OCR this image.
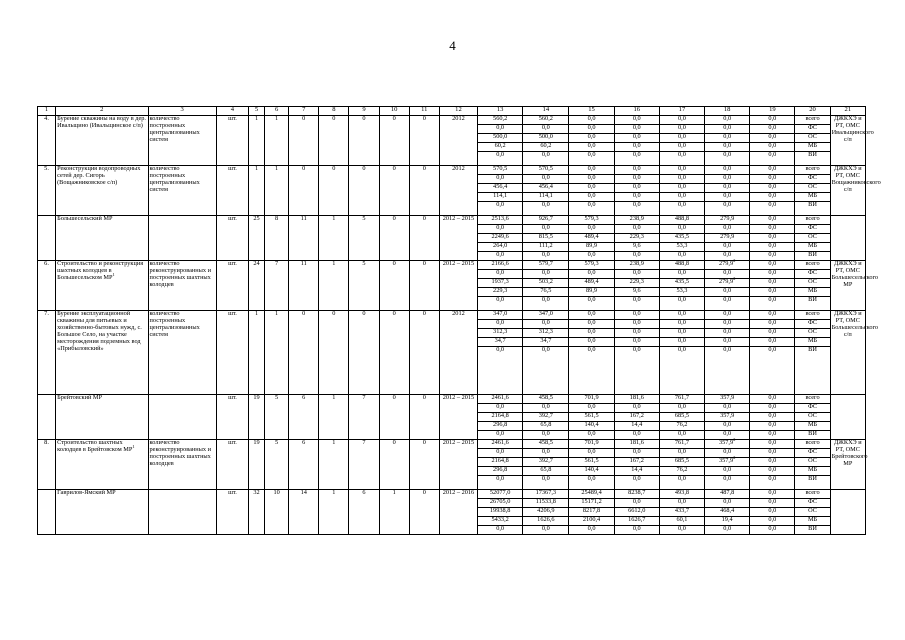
4
1	2	3	4	5	6	7	8	9	10	11	12	13	14	15	16	17	18	19	20	21
4.	Бурение скважины на воду в дер. Ивальщино (Ивальщинское с/п)	количество построенных централизованных систем	шт.	1	1	0	0	0	0	0	2012	560,2	560,2	0,0	0,0	0,0	0,0	0,0	всего	ДЖКХЭ и РТ, ОМС Ивальщинского с/п
												0,0	0,0	0,0	0,0	0,0	0,0	0,0	ФС	
												500,0	500,0	0,0	0,0	0,0	0,0	0,0	ОС	
												60,2	60,2	0,0	0,0	0,0	0,0	0,0	МБ	
												0,0	0,0	0,0	0,0	0,0	0,0	0,0	ВИ	
5.	Реконструкция водопроводных сетей дер. Сигорь (Вощажниковское с/п)	количество построенных централизованных систем	шт.	1	1	0	0	0	0	0	2012	570,5	570,5	0,0	0,0	0,0	0,0	0,0	всего	ДЖКХЭ и РТ, ОМС Вощажниковского с/п
												0,0	0,0	0,0	0,0	0,0	0,0	0,0	ФС	
												456,4	456,4	0,0	0,0	0,0	0,0	0,0	ОС	
												114,1	114,1	0,0	0,0	0,0	0,0	0,0	МБ	
												0,0	0,0	0,0	0,0	0,0	0,0	0,0	ВИ	
	Большесельский МР		шт.	25	8	11	1	5	0	0	2012 – 2015	2513,6	926,7	579,3	238,9	488,8	279,9	0,0	всего	
												0,0	0,0	0,0	0,0	0,0	0,0	0,0	ФС	
												2249,6	815,5	489,4	229,3	435,5	279,9	0,0	ОС	
												264,0	111,2	89,9	9,6	53,3	0,0	0,0	МБ	
												0,0	0,0	0,0	0,0	0,0	0,0	0,0	ВИ	
6.	Строительство и реконструкция шахтных колодцев в Большесельском $МР^1$	количество реконструированных и построенных шахтных колодцев	шт.	24	7	11	1	5	0	0	2012 – 2015	2166,6	579,7	579,3	238,9	488,8	279,9$^2$	0,0	всего	ДЖКХЭ и РТ, ОМС Большесельского МР
												0,0	0,0	0,0	0,0	0,0	0,0	0,0	ФС	
												1937,3	503,2	489,4	229,3	435,5	279,9$^2$	0,0	ОС	
												229,3	76,5	89,9	9,6	53,3	0,0	0,0	МБ	
												0,0	0,0	0,0	0,0	0,0	0,0	0,0	ВИ	
7.	Бурение эксплуатационной скважины для питьевых и хозяйственно-бытовых нужд, с. Большое Село, на участке месторождения подземных вод «Прибыловский»	количество построенных централизованных систем	шт.	1	1	0	0	0	0	0	2012	347,0	347,0	0,0	0,0	0,0	0,0	0,0	всего	ДЖКХЭ и РТ, ОМС Большесельского с/п
												0,0	0,0	0,0	0,0	0,0	0,0	0,0	ФС	
												312,3	312,3	0,0	0,0	0,0	0,0	0,0	ОС	
												34,7	34,7	0,0	0,0	0,0	0,0	0,0	МБ	
												0,0	0,0	0,0	0,0	0,0	0,0	0,0	ВИ	
	Брейтовский МР		шт.	19	5	6	1	7	0	0	2012 – 2015	2461,6	458,5	701,9	181,6	761,7	357,9	0,0	всего	
												0,0	0,0	0,0	0,0	0,0	0,0	0,0	ФС	
												2164,8	392,7	561,5	167,2	685,5	357,9	0,0	ОС	
												296,8	65,8	140,4	14,4	76,2	0,0	0,0	МБ	
												0,0	0,0	0,0	0,0	0,0	0,0	0,0	ВИ	
8.	Строительство шахтных колодцев в Брейтовском $МР^1$	количество реконструированных и построенных шахтных колодцев	шт.	19	5	6	1	7	0	0	2012 – 2015	2461,6	458,5	701,9	181,6	761,7	357,9$^2$	0,0	всего	ДЖКХЭ и РТ, ОМС Брейтовского МР
												0,0	0,0	0,0	0,0	0,0	0,0	0,0	ФС	
												2164,8	392,7	561,5	167,2	685,5	357,9$^2$	0,0	ОС	
												296,8	65,8	140,4	14,4	76,2	0,0	0,0	МБ	
												0,0	0,0	0,0	0,0	0,0	0,0	0,0	ВИ	
	Гаврилов-Ямский МР		шт.	32	10	14	1	6	1	0	2012 – 2016	52077,0	17367,3	25489,4	8238,7	493,8	487,8	0,0	всего	
												26705,0	11533,8	15171,2	0,0	0,0	0,0	0,0	ФС	
												19938,8	4206,9	8217,8	6612,0	433,7	468,4	0,0	ОС	
												5433,2	1626,6	2100,4	1626,7	60,1	19,4	0,0	МБ	
												0,0	0,0	0,0	0,0	0,0	0,0	0,0	ВИ	
